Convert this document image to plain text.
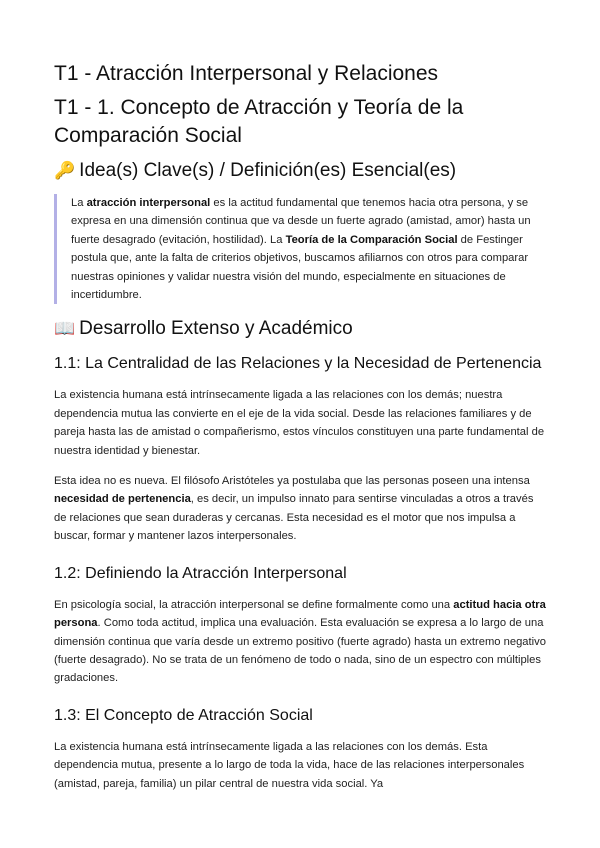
T1 - Atracción Interpersonal y Relaciones
T1 - 1. Concepto de Atracción y Teoría de la Comparación Social
🔑 Idea(s) Clave(s) / Definición(es) Esencial(es)
La atracción interpersonal es la actitud fundamental que tenemos hacia otra persona, y se expresa en una dimensión continua que va desde un fuerte agrado (amistad, amor) hasta un fuerte desagrado (evitación, hostilidad). La Teoría de la Comparación Social de Festinger postula que, ante la falta de criterios objetivos, buscamos afiliarnos con otros para comparar nuestras opiniones y validar nuestra visión del mundo, especialmente en situaciones de incertidumbre.
📖 Desarrollo Extenso y Académico
1.1: La Centralidad de las Relaciones y la Necesidad de Pertenencia

La existencia humana está intrínsecamente ligada a las relaciones con los demás; nuestra dependencia mutua las convierte en el eje de la vida social. Desde las relaciones familiares y de pareja hasta las de amistad o compañerismo, estos vínculos constituyen una parte fundamental de nuestra identidad y bienestar.

Esta idea no es nueva. El filósofo Aristóteles ya postulaba que las personas poseen una intensa necesidad de pertenencia, es decir, un impulso innato para sentirse vinculadas a otros a través de relaciones que sean duraderas y cercanas. Esta necesidad es el motor que nos impulsa a buscar, formar y mantener lazos interpersonales.

1.2: Definiendo la Atracción Interpersonal

En psicología social, la atracción interpersonal se define formalmente como una actitud hacia otra persona. Como toda actitud, implica una evaluación. Esta evaluación se expresa a lo largo de una dimensión continua que varía desde un extremo positivo (fuerte agrado) hasta un extremo negativo (fuerte desagrado). No se trata de un fenómeno de todo o nada, sino de un espectro con múltiples gradaciones.

1.3: El Concepto de Atracción Social

La existencia humana está intrínsecamente ligada a las relaciones con los demás. Esta dependencia mutua, presente a lo largo de toda la vida, hace de las relaciones interpersonales (amistad, pareja, familia) un pilar central de nuestra vida social. Ya
